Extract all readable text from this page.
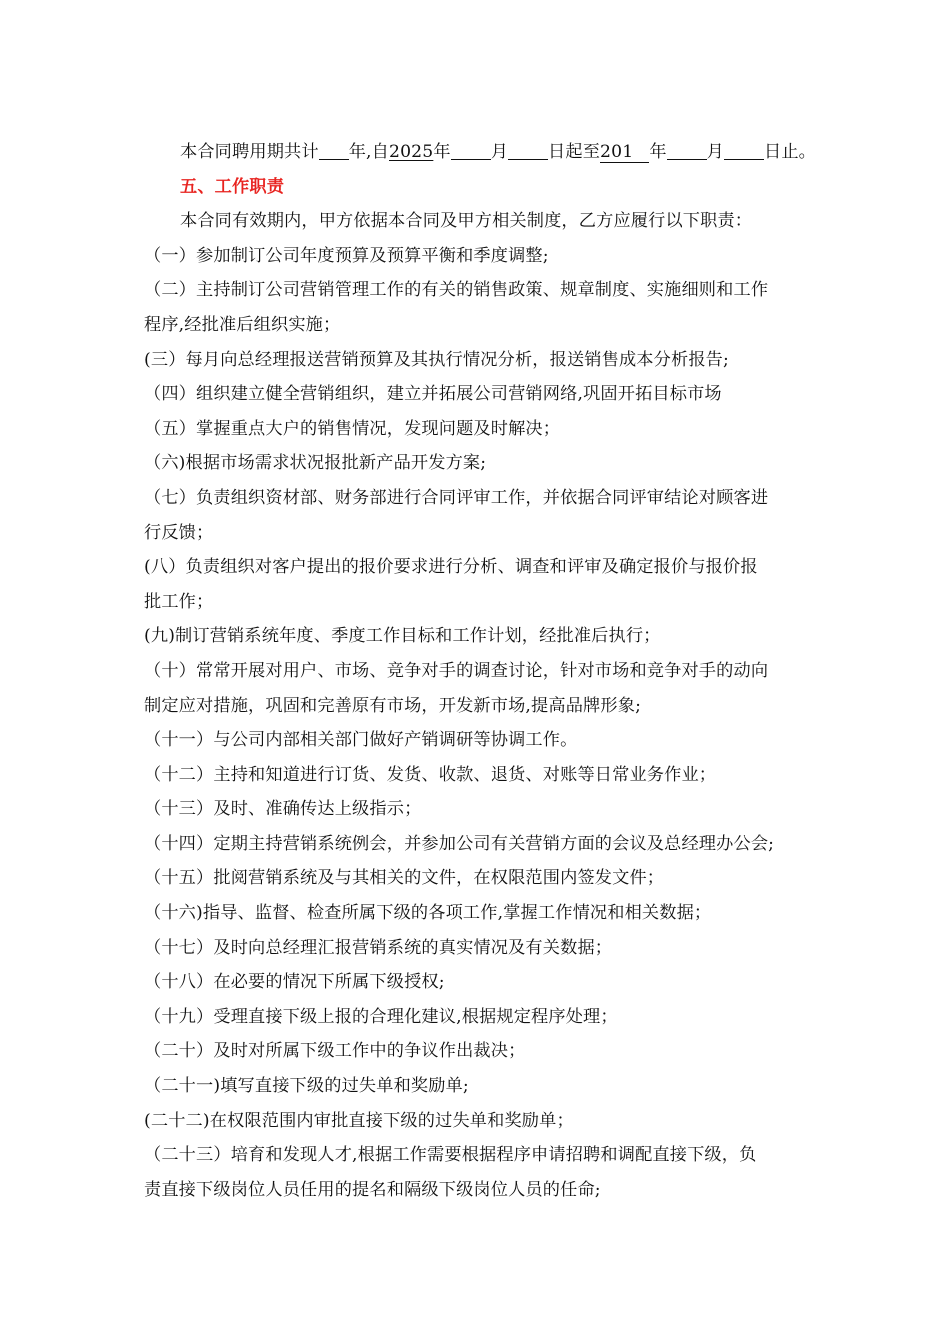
本合同聘用期共计 年,自2025年 月 日起至201 年 月 日止。
五、工作职责
本合同有效期内，甲方依据本合同及甲方相关制度，乙方应履行以下职责：
（一）参加制订公司年度预算及预算平衡和季度调整;
（二）主持制订公司营销管理工作的有关的销售政策、规章制度、实施细则和工作
程序,经批准后组织实施；
(三）每月向总经理报送营销预算及其执行情况分析，报送销售成本分析报告;
（四）组织建立健全营销组织，建立并拓展公司营销网络,巩固开拓目标市场
（五）掌握重点大户的销售情况，发现问题及时解决；
（六)根据市场需求状况报批新产品开发方案;
（七）负责组织资材部、财务部进行合同评审工作，并依据合同评审结论对顾客进
行反馈；
(八）负责组织对客户提出的报价要求进行分析、调查和评审及确定报价与报价报
批工作；
(九)制订营销系统年度、季度工作目标和工作计划，经批准后执行；
（十）常常开展对用户、市场、竞争对手的调查讨论，针对市场和竞争对手的动向
制定应对措施，巩固和完善原有市场，开发新市场,提高品牌形象;
（十一）与公司内部相关部门做好产销调研等协调工作。
（十二）主持和知道进行订货、发货、收款、退货、对账等日常业务作业；
（十三）及时、准确传达上级指示；
（十四）定期主持营销系统例会，并参加公司有关营销方面的会议及总经理办公会;
（十五）批阅营销系统及与其相关的文件，在权限范围内签发文件；
（十六)指导、监督、检查所属下级的各项工作,掌握工作情况和相关数据；
（十七）及时向总经理汇报营销系统的真实情况及有关数据；
（十八）在必要的情况下所属下级授权;
（十九）受理直接下级上报的合理化建议,根据规定程序处理；
（二十）及时对所属下级工作中的争议作出裁决；
（二十一)填写直接下级的过失单和奖励单;
(二十二)在权限范围内审批直接下级的过失单和奖励单；
（二十三）培育和发现人才,根据工作需要根据程序申请招聘和调配直接下级，负
责直接下级岗位人员任用的提名和隔级下级岗位人员的任命;
